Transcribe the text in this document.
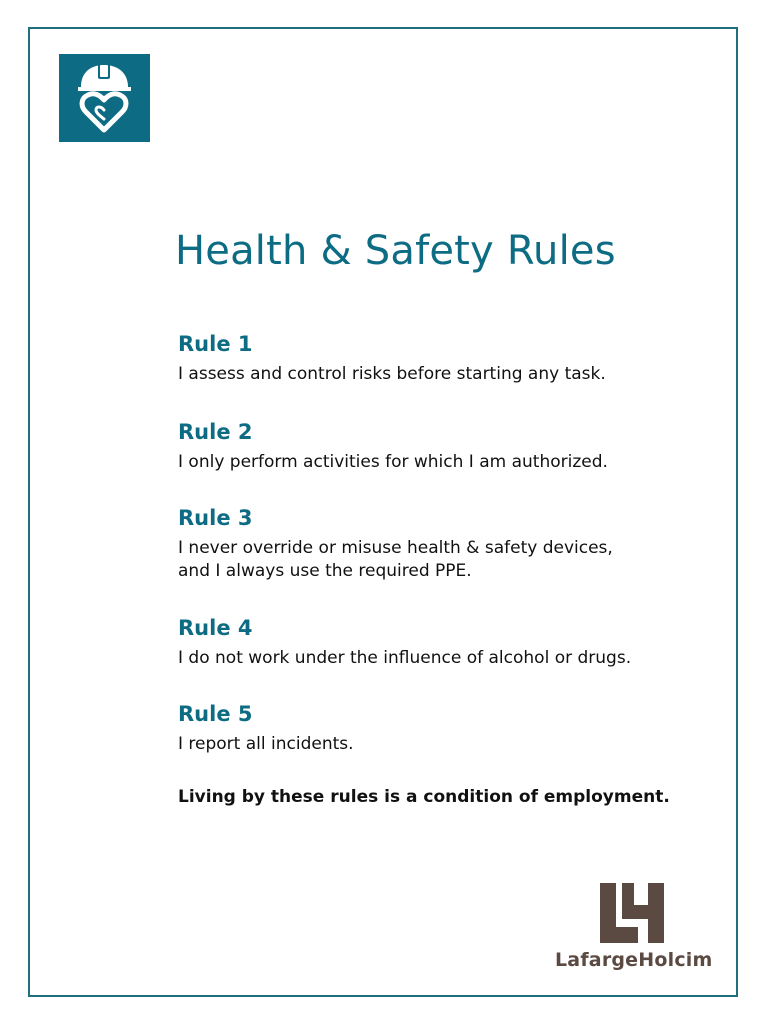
Health & Safety Rules

Rule 1

I assess and control risks before starting any task.

Rule 2

I only perform activities for which I am authorized.

Rule 3

I never override or misuse health & safety devices,

and I always use the required PPE.

Rule 4

I do not work under the influence of alcohol or drugs.

Rule 5

I report all incidents.

Living by these rules is a condition of employment.

LafargeHolcim
